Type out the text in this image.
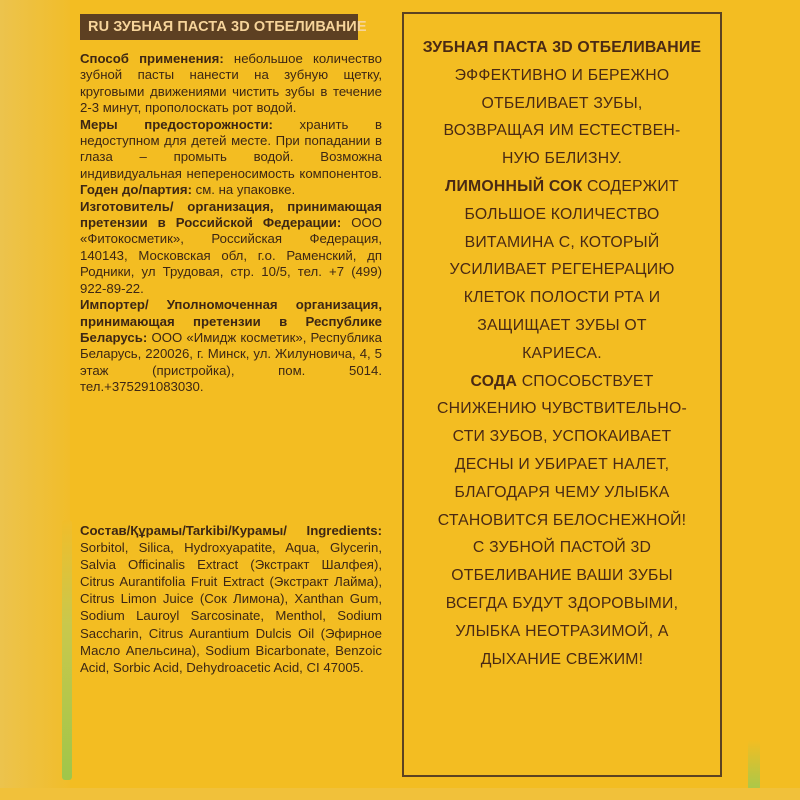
RU ЗУБНАЯ ПАСТА 3D ОТБЕЛИВАНИЕ

Способ применения: небольшое количество зубной пасты нанести на зубную щетку, круговыми движениями чистить зубы в течение 2-3 минут, прополоскать рот водой.

Меры предосторожности: хранить в недоступном для детей месте. При попадании в глаза – промыть водой. Возможна индивидуальная непереносимость компонентов. Годен до/партия: см. на упаковке.

Изготовитель/ организация, принимающая претензии в Российской Федерации: ООО «Фитокосметик», Российская Федерация, 140143, Московская обл, г.о. Раменский, дп Родники, ул Трудовая, стр. 10/5, тел. +7 (499) 922-89-22.

Импортер/ Уполномоченная организация, принимающая претензии в Республике Беларусь: ООО «Имидж косметик», Республика Беларусь, 220026, г. Минск, ул. Жилуновича, 4, 5 этаж (пристройка), пом. 5014. тел.+375291083030.

Состав/Құрамы/Tarkibi/Курамы/ Ingredients: Sorbitol, Silica, Hydroxyapatite, Aqua, Glycerin, Salvia Officinalis Extract (Экстракт Шалфея), Citrus Aurantifolia Fruit Extract (Экстракт Лайма), Citrus Limon Juice (Сок Лимона), Xanthan Gum, Sodium Lauroyl Sarcosinate, Menthol, Sodium Saccharin, Citrus Aurantium Dulcis Oil (Эфирное Масло Апельсина), Sodium Bicarbonate, Benzoic Acid, Sorbic Acid, Dehydroacetic Acid, CI 47005.

ЗУБНАЯ ПАСТА 3D ОТБЕЛИВАНИЕ
ЭФФЕКТИВНО И БЕРЕЖНО
ОТБЕЛИВАЕТ ЗУБЫ,
ВОЗВРАЩАЯ ИМ ЕСТЕСТВЕН-
НУЮ БЕЛИЗНУ.
ЛИМОННЫЙ СОК СОДЕРЖИТ
БОЛЬШОЕ КОЛИЧЕСТВО
ВИТАМИНА С, КОТОРЫЙ
УСИЛИВАЕТ РЕГЕНЕРАЦИЮ
КЛЕТОК ПОЛОСТИ РТА И
ЗАЩИЩАЕТ ЗУБЫ ОТ
КАРИЕСА.
СОДА СПОСОБСТВУЕТ
СНИЖЕНИЮ ЧУВСТВИТЕЛЬНО-
СТИ ЗУБОВ, УСПОКАИВАЕТ
ДЕСНЫ И УБИРАЕТ НАЛЕТ,
БЛАГОДАРЯ ЧЕМУ УЛЫБКА
СТАНОВИТСЯ БЕЛОСНЕЖНОЙ!
С ЗУБНОЙ ПАСТОЙ 3D
ОТБЕЛИВАНИЕ ВАШИ ЗУБЫ
ВСЕГДА БУДУТ ЗДОРОВЫМИ,
УЛЫБКА НЕОТРАЗИМОЙ, А
ДЫХАНИЕ СВЕЖИМ!
